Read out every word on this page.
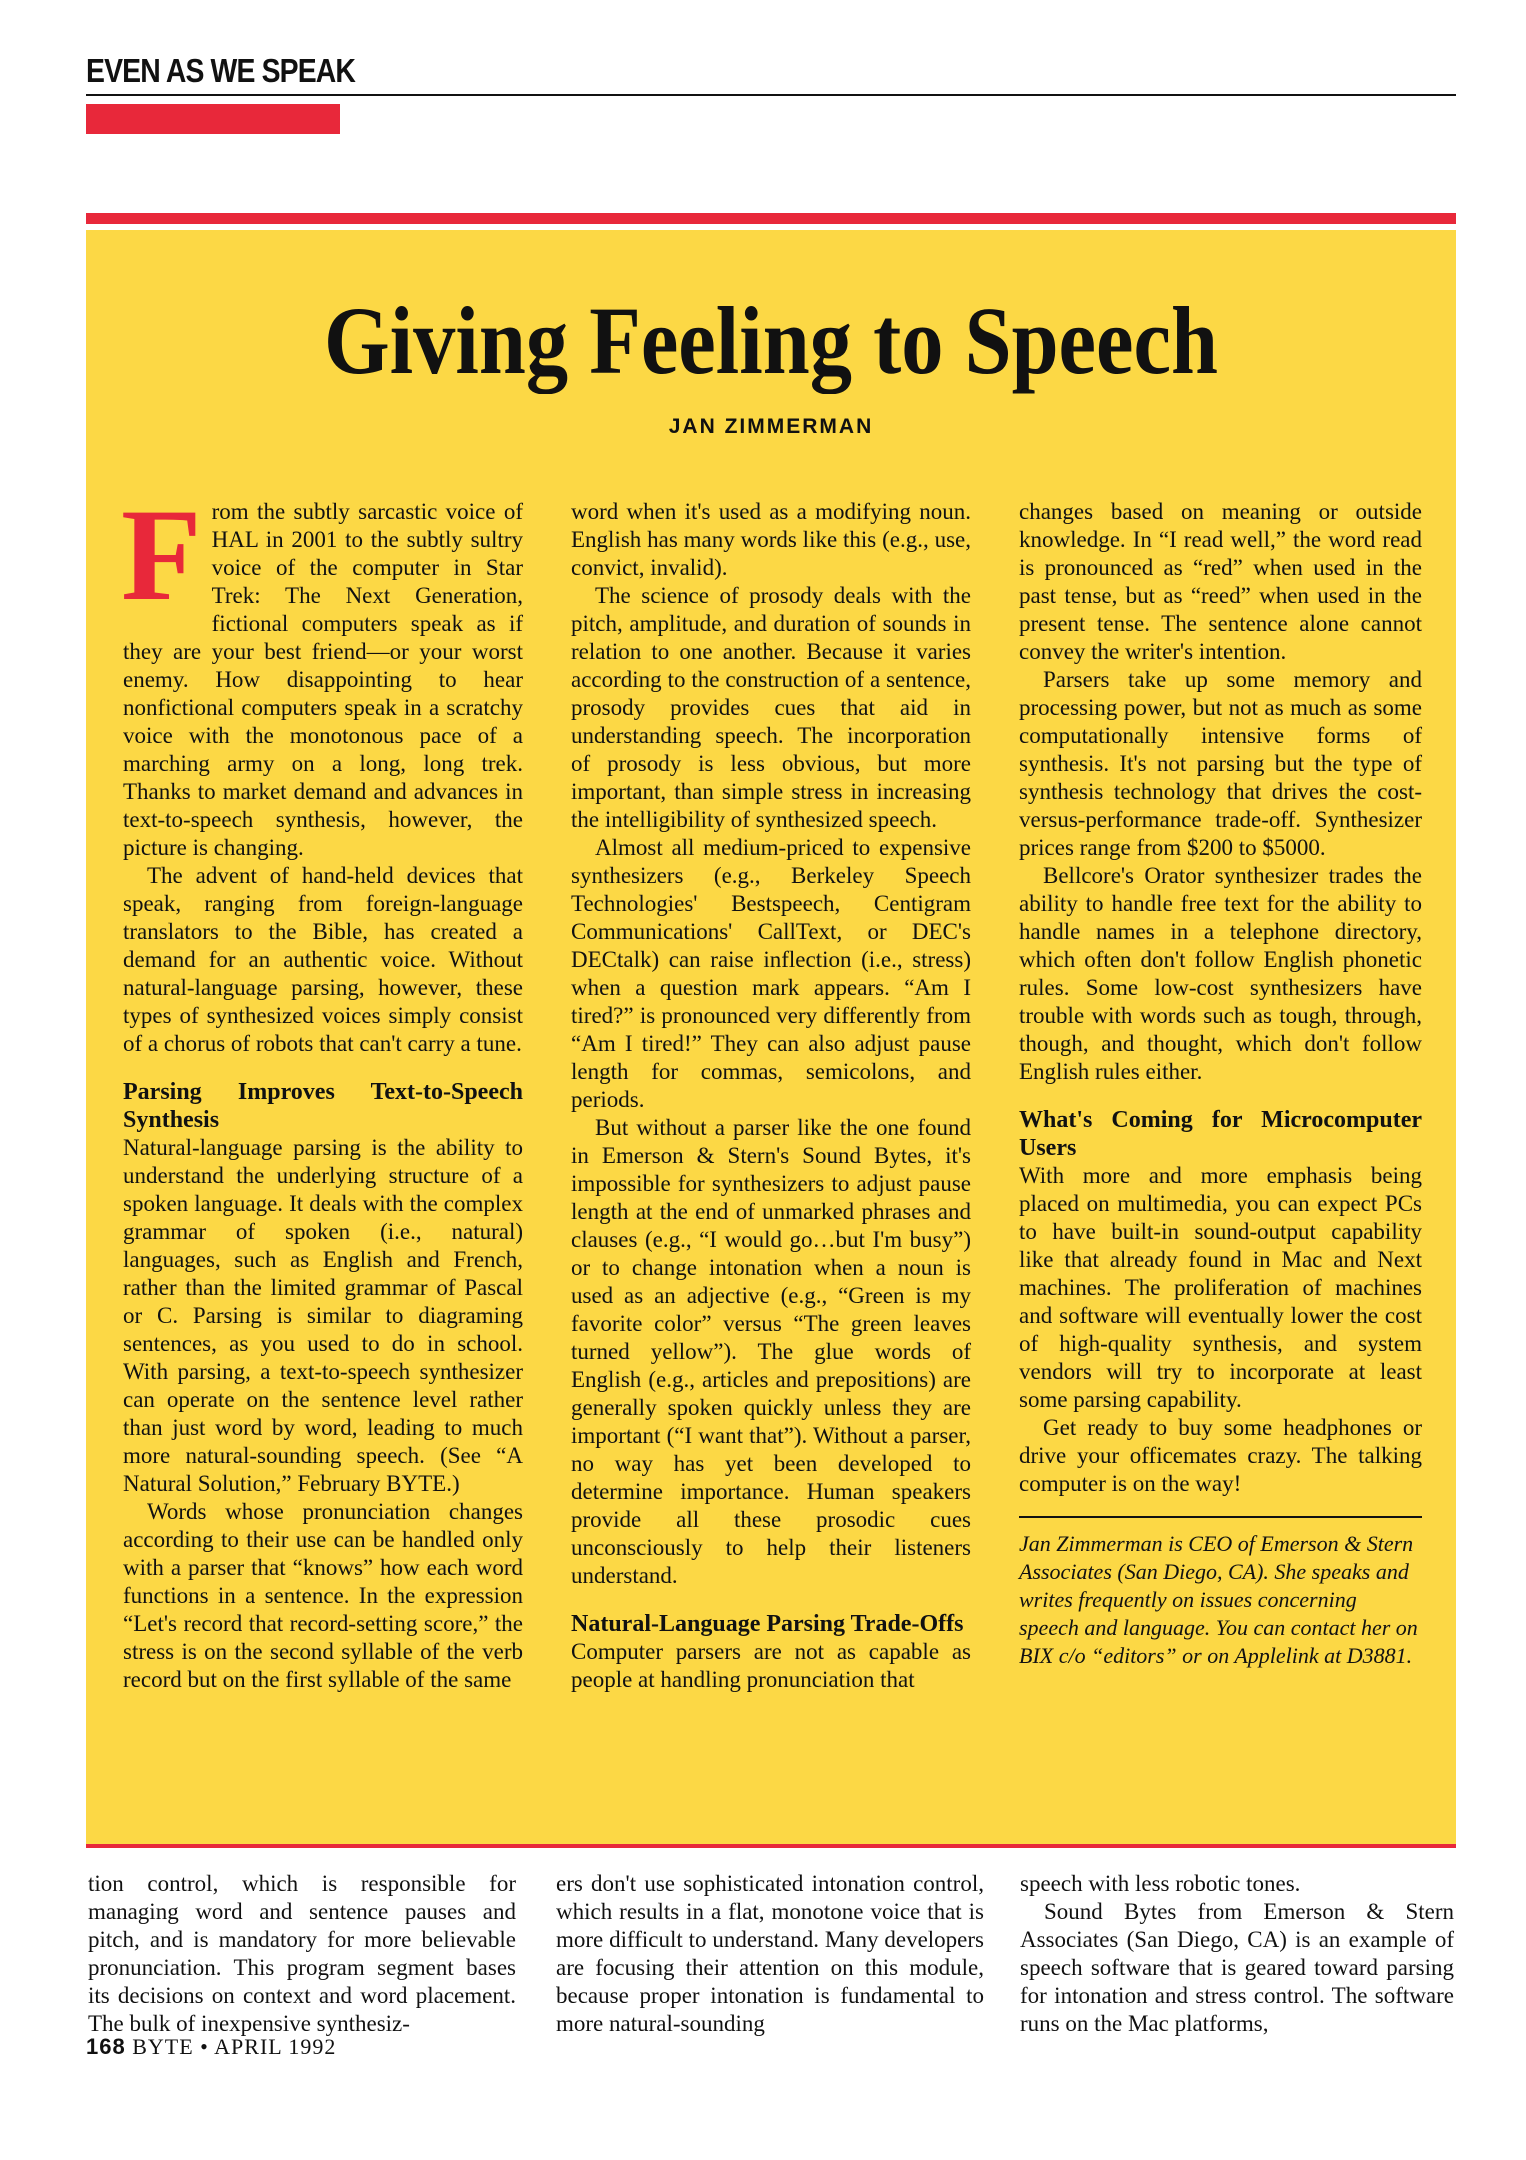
EVEN AS WE SPEAK
Giving Feeling to Speech
JAN ZIMMERMAN
F rom the subtly sarcastic voice of HAL in 2001 to the subtly sultry voice of the computer in Star Trek: The Next Generation, fictional computers speak as if they are your best friend—or your worst enemy. How disappointing to hear nonfictional computers speak in a scratchy voice with the monotonous pace of a marching army on a long, long trek. Thanks to market demand and advances in text-to-speech synthesis, however, the picture is changing.

The advent of hand-held devices that speak, ranging from foreign-language translators to the Bible, has created a demand for an authentic voice. Without natural-language parsing, however, these types of synthesized voices simply consist of a chorus of robots that can't carry a tune.

Parsing Improves Text-to-Speech Synthesis

Natural-language parsing is the ability to understand the underlying structure of a spoken language. It deals with the complex grammar of spoken (i.e., natural) languages, such as English and French, rather than the limited grammar of Pascal or C. Parsing is similar to diagraming sentences, as you used to do in school. With parsing, a text-to-speech synthesizer can operate on the sentence level rather than just word by word, leading to much more natural-sounding speech. (See “A Natural Solution,” February BYTE.)

Words whose pronunciation changes according to their use can be handled only with a parser that “knows” how each word functions in a sentence. In the expression “Let's record that record-setting score,” the stress is on the second syllable of the verb record but on the first syllable of the same

word when it's used as a modifying noun. English has many words like this (e.g., use, convict, invalid).

The science of prosody deals with the pitch, amplitude, and duration of sounds in relation to one another. Because it varies according to the construction of a sentence, prosody provides cues that aid in understanding speech. The incorporation of prosody is less obvious, but more important, than simple stress in increasing the intelligibility of synthesized speech.

Almost all medium-priced to expensive synthesizers (e.g., Berkeley Speech Technologies' Bestspeech, Centigram Communications' CallText, or DEC's DECtalk) can raise inflection (i.e., stress) when a question mark appears. “Am I tired?” is pronounced very differently from “Am I tired!” They can also adjust pause length for commas, semicolons, and periods.

But without a parser like the one found in Emerson & Stern's Sound Bytes, it's impossible for synthesizers to adjust pause length at the end of unmarked phrases and clauses (e.g., “I would go…but I'm busy”) or to change intonation when a noun is used as an adjective (e.g., “Green is my favorite color” versus “The green leaves turned yellow”). The glue words of English (e.g., articles and prepositions) are generally spoken quickly unless they are important (“I want that”). Without a parser, no way has yet been developed to determine importance. Human speakers provide all these prosodic cues unconsciously to help their listeners understand.

Natural-Language Parsing Trade-Offs

Computer parsers are not as capable as people at handling pronunciation that

changes based on meaning or outside knowledge. In “I read well,” the word read is pronounced as “red” when used in the past tense, but as “reed” when used in the present tense. The sentence alone cannot convey the writer's intention.

Parsers take up some memory and processing power, but not as much as some computationally intensive forms of synthesis. It's not parsing but the type of synthesis technology that drives the cost-versus-performance trade-off. Synthesizer prices range from $200 to $5000.

Bellcore's Orator synthesizer trades the ability to handle free text for the ability to handle names in a telephone directory, which often don't follow English phonetic rules. Some low-cost synthesizers have trouble with words such as tough, through, though, and thought, which don't follow English rules either.

What's Coming for Microcomputer Users

With more and more emphasis being placed on multimedia, you can expect PCs to have built-in sound-output capability like that already found in Mac and Next machines. The proliferation of machines and software will eventually lower the cost of high-quality synthesis, and system vendors will try to incorporate at least some parsing capability.

Get ready to buy some headphones or drive your officemates crazy. The talking computer is on the way!

Jan Zimmerman is CEO of Emerson & Stern Associates (San Diego, CA). She speaks and writes frequently on issues concerning speech and language. You can contact her on BIX c/o “editors” or on Applelink at D3881.

tion control, which is responsible for managing word and sentence pauses and pitch, and is mandatory for more believable pronunciation. This program segment bases its decisions on context and word placement. The bulk of inexpensive synthesiz-

ers don't use sophisticated intonation control, which results in a flat, monotone voice that is more difficult to understand. Many developers are focusing their attention on this module, because proper intonation is fundamental to more natural-sounding

speech with less robotic tones.

Sound Bytes from Emerson & Stern Associates (San Diego, CA) is an example of speech software that is geared toward parsing for intonation and stress control. The software runs on the Mac platforms,

168 BYTE • APRIL 1992
